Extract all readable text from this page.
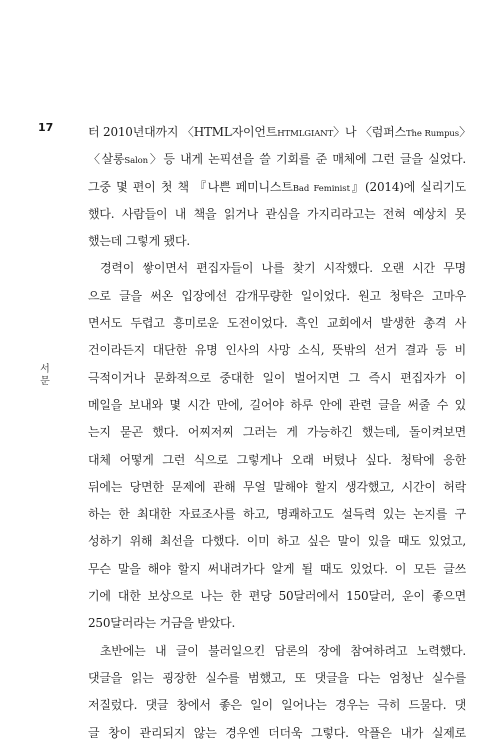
17
서
문
터 2010년대까지 〈HTML자이언트HTMLGIANT〉나 〈럼퍼스The Rumpus〉
〈살롱Salon〉등 내게 논픽션을 쓸 기회를 준 매체에 그런 글을 실었다.
그중 몇 편이 첫 책 『나쁜 페미니스트Bad Feminist』(2014)에 실리기도
했다. 사람들이 내 책을 읽거나 관심을 가지리라고는 전혀 예상치 못
했는데 그렇게 됐다.
경력이 쌓이면서 편집자들이 나를 찾기 시작했다. 오랜 시간 무명
으로 글을 써온 입장에선 감개무량한 일이었다. 원고 청탁은 고마우
면서도 두렵고 흥미로운 도전이었다. 흑인 교회에서 발생한 총격 사
건이라든지 대단한 유명 인사의 사망 소식, 뜻밖의 선거 결과 등 비
극적이거나 문화적으로 중대한 일이 벌어지면 그 즉시 편집자가 이
메일을 보내와 몇 시간 만에, 길어야 하루 안에 관련 글을 써줄 수 있
는지 묻곤 했다. 어찌저찌 그러는 게 가능하긴 했는데, 돌이켜보면
대체 어떻게 그런 식으로 그렇게나 오래 버텼나 싶다. 청탁에 응한
뒤에는 당면한 문제에 관해 무얼 말해야 할지 생각했고, 시간이 허락
하는 한 최대한 자료조사를 하고, 명쾌하고도 설득력 있는 논지를 구
성하기 위해 최선을 다했다. 이미 하고 싶은 말이 있을 때도 있었고,
무슨 말을 해야 할지 써내려가다 알게 될 때도 있었다. 이 모든 글쓰
기에 대한 보상으로 나는 한 편당 50달러에서 150달러, 운이 좋으면
250달러라는 거금을 받았다.
초반에는 내 글이 불러일으킨 담론의 장에 참여하려고 노력했다.
댓글을 읽는 굉장한 실수를 범했고, 또 댓글을 다는 엄청난 실수를
저질렀다. 댓글 창에서 좋은 일이 일어나는 경우는 극히 드물다. 댓
글 창이 관리되지 않는 경우엔 더더욱 그렇다. 악플은 내가 실제로
